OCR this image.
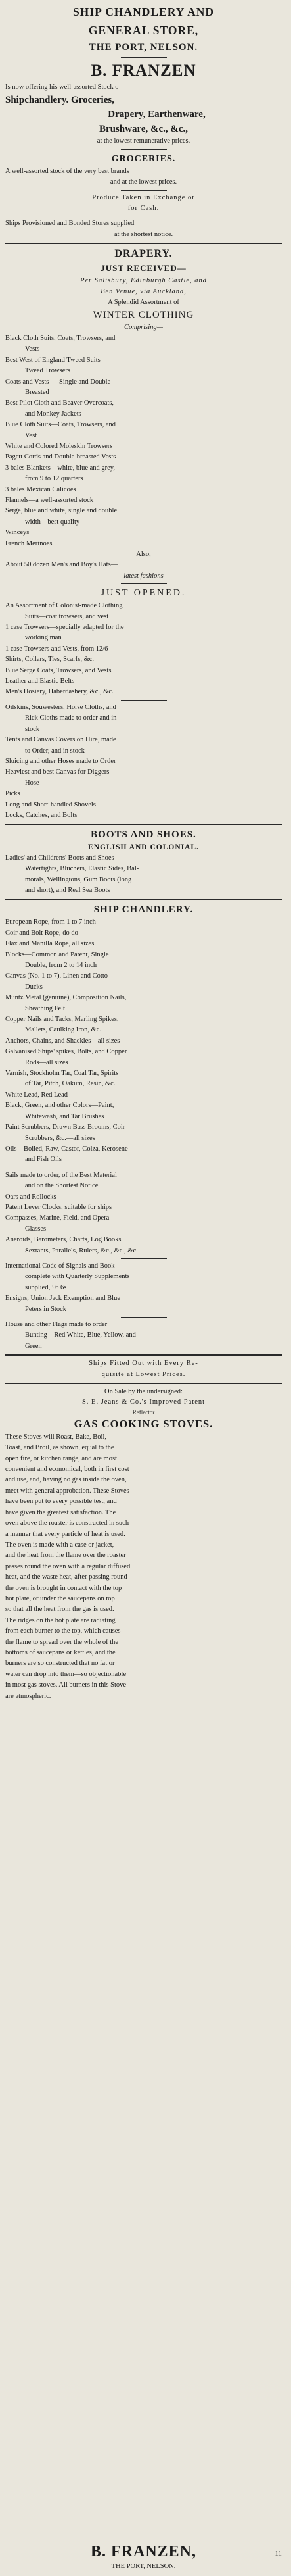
SHIP CHANDLERY AND
GENERAL STORE,
THE PORT, NELSON.
B. FRANZEN
Is now offering his well-assorted Stock o
Shipchandlery. Groceries,
Drapery, Earthenware,
Brushware, &c., &c.,
at the lowest remunerative prices.
GROCERIES.
A well-assorted stock of the very best brands
and at the lowest prices.
Produce Taken in Exchange or
for Cash.
Ships Provisioned and Bonded Stores supplied
at the shortest notice.
DRAPERY.
JUST RECEIVED—
Per Salisbury, Edinburgh Castle, and
Ben Venue, via Auckland,
A Splendid Assortment of
WINTER CLOTHING
Comprising—
Black Cloth Suits, Coats, Trowsers, and
Vests
Best West of England Tweed Suits
Tweed Trowsers
Coats and Vests — Single and Double
Breasted
Best Pilot Cloth and Beaver Overcoats,
and Monkey Jackets
Blue Cloth Suits—Coats, Trowsers, and
Vest
White and Colored Moleskin Trowsers
Pagett Cords and Double-breasted Vests
3 bales Blankets—white, blue and grey,
from 9 to 12 quarters
3 bales Mexican Calicoes
Flannels—a well-assorted stock
Serge, blue and white, single and double
width—best quality
Winceys
French Merinoes
Also,
About 50 dozen Men's and Boy's Hats—
latest fashions
JUST OPENED.
An Assortment of Colonist-made Clothing
Suits—coat trowsers, and vest
1 case Trowsers—specially adapted for the
working man
1 case Trowsers and Vests, from 12/6
Shirts, Collars, Ties, Scarfs, &c.
Blue Serge Coats, Trowsers, and Vests
Leather and Elastic Belts
Men's Hosiery, Haberdashery, &c., &c.
Oilskins, Souwesters, Horse Cloths, and
Rick Cloths made to order and in
stock
Tents and Canvas Covers on Hire, made
to Order, and in stock
Sluicing and other Hoses made to Order
Heaviest and best Canvas for Diggers
Hose
Picks
Long and Short-handled Shovels
Locks, Catches, and Bolts
BOOTS AND SHOES.
ENGLISH AND COLONIAL.
Ladies' and Childrens' Boots and Shoes
Watertights, Bluchers, Elastic Sides, Bal-
morals, Wellingtons, Gum Boots (long
and short), and Real Sea Boots
SHIP CHANDLERY.
European Rope, from 1 to 7 inch
Coir and Bolt Rope, do do
Flax and Manilla Rope, all sizes
Blocks—Common and Patent, Single
Double, from 2 to 14 inch
Canvas (No. 1 to 7), Linen and Cotto
Ducks
Muntz Metal (genuine), Composition Nails,
Sheathing Felt
Copper Nails and Tacks, Marling Spikes,
Mallets, Caulking Iron, &c.
Anchors, Chains, and Shackles—all sizes
Galvanised Ships' spikes, Bolts, and Copper
Rods—all sizes
Varnish, Stockholm Tar, Coal Tar, Spirits
of Tar, Pitch, Oakum, Resin, &c.
White Lead, Red Lead
Black, Green, and other Colors—Paint,
Whitewash, and Tar Brushes
Paint Scrubbers, Drawn Bass Brooms, Coir
Scrubbers, &c.—all sizes
Oils—Boiled, Raw, Castor, Colza, Kerosene
and Fish Oils
Sails made to order, of the Best Material
and on the Shortest Notice
Oars and Rollocks
Patent Lever Clocks, suitable for ships
Compasses, Marine, Field, and Opera
Glasses
Aneroids, Barometers, Charts, Log Books
Sextants, Parallels, Rulers, &c., &c., &c.
International Code of Signals and Book
complete with Quarterly Supplements
supplied, £6 6s
Ensigns, Union Jack Exemption and Blue
Peters in Stock
House and other Flags made to order
Bunting—Red White, Blue, Yellow, and
Green
Ships Fitted Out with Every Re-
quisite at Lowest Prices.
On Sale by the undersigned:
S. E. Jeans & Co.'s Improved Patent
Reflector
GAS COOKING STOVES.
These Stoves will Roast, Bake, Boil,
Toast, and Broil, as shown, equal to the
open fire, or kitchen range, and are most
convenient and economical, both in first cost
and use, and, having no gas inside the oven,
meet with general approbation. These Stoves
have been put to every possible test, and
have given the greatest satisfaction. The
oven above the roaster is constructed in such
a manner that every particle of heat is used.
The oven is made with a case or jacket,
and the heat from the flame over the roaster
passes round the oven with a regular diffused
heat, and the waste heat, after passing round
the oven is brought in contact with the top
hot plate, or under the saucepans on top
so that all the heat from the gas is used.
The ridges on the hot plate are radiating
from each burner to the top, which causes
the flame to spread over the whole of the
bottoms of saucepans or kettles, and the
burners are so constructed that no fat or
water can drop into them—so objectionable
in most gas stoves. All burners in this Stove
are atmospheric.
B. FRANZEN,
THE PORT, NELSON.
11
